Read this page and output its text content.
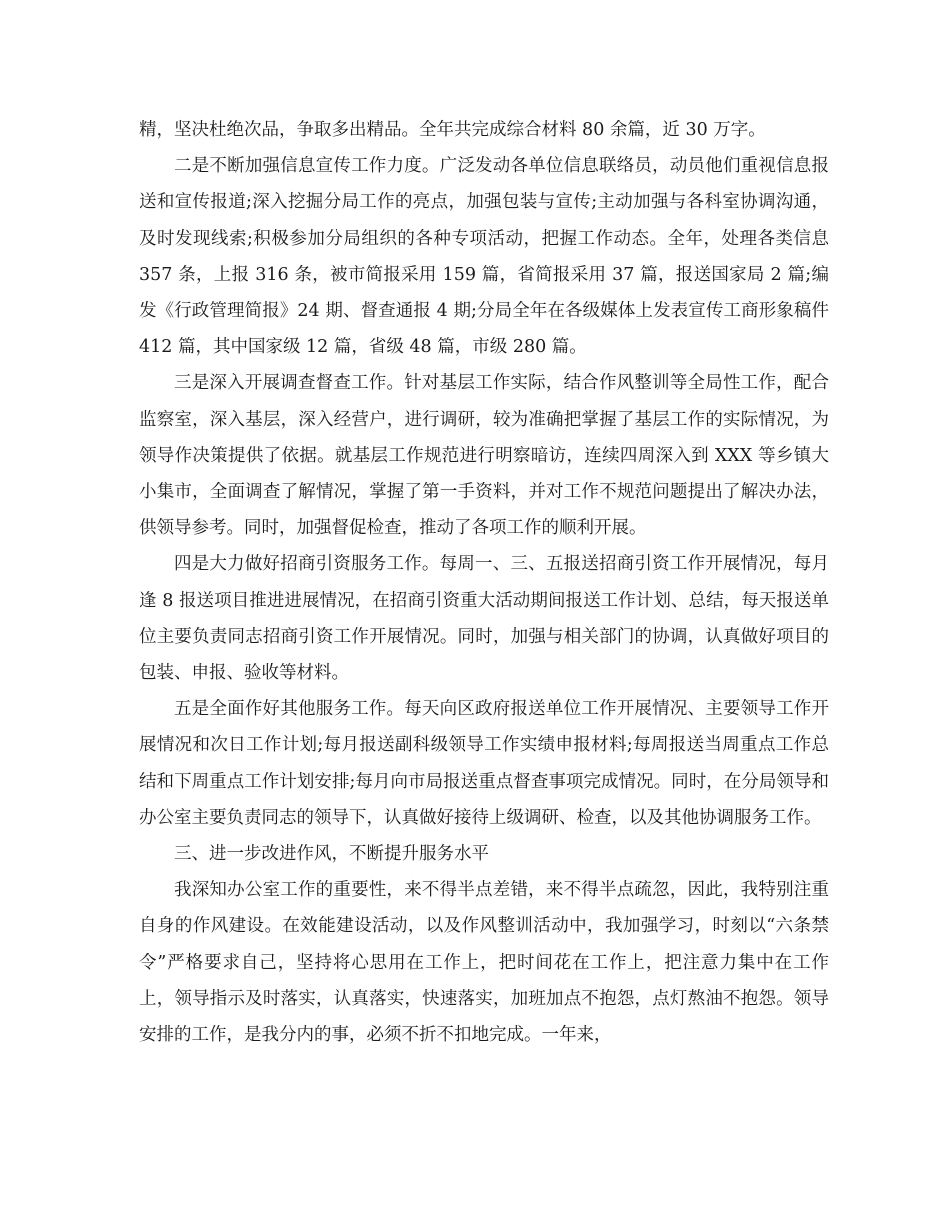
精，坚决杜绝次品，争取多出精品。全年共完成综合材料 80 余篇，近 30 万字。

二是不断加强信息宣传工作力度。广泛发动各单位信息联络员，动员他们重视信息报送和宣传报道;深入挖掘分局工作的亮点，加强包装与宣传;主动加强与各科室协调沟通，及时发现线索;积极参加分局组织的各种专项活动，把握工作动态。全年，处理各类信息 357 条，上报 316 条，被市简报采用 159 篇，省简报采用 37 篇，报送国家局 2 篇;编发《行政管理简报》24 期、督查通报 4 期;分局全年在各级媒体上发表宣传工商形象稿件 412 篇，其中国家级 12 篇，省级 48 篇，市级 280 篇。

三是深入开展调查督查工作。针对基层工作实际，结合作风整训等全局性工作，配合监察室，深入基层，深入经营户，进行调研，较为准确把掌握了基层工作的实际情况，为领导作决策提供了依据。就基层工作规范进行明察暗访，连续四周深入到 XXX 等乡镇大小集市，全面调查了解情况，掌握了第一手资料，并对工作不规范问题提出了解决办法，供领导参考。同时，加强督促检查，推动了各项工作的顺利开展。

四是大力做好招商引资服务工作。每周一、三、五报送招商引资工作开展情况，每月逢 8 报送项目推进进展情况，在招商引资重大活动期间报送工作计划、总结，每天报送单位主要负责同志招商引资工作开展情况。同时，加强与相关部门的协调，认真做好项目的包装、申报、验收等材料。

五是全面作好其他服务工作。每天向区政府报送单位工作开展情况、主要领导工作开展情况和次日工作计划;每月报送副科级领导工作实绩申报材料;每周报送当周重点工作总结和下周重点工作计划安排;每月向市局报送重点督查事项完成情况。同时，在分局领导和办公室主要负责同志的领导下，认真做好接待上级调研、检查，以及其他协调服务工作。

三、进一步改进作风，不断提升服务水平

我深知办公室工作的重要性，来不得半点差错，来不得半点疏忽，因此，我特别注重自身的作风建设。在效能建设活动，以及作风整训活动中，我加强学习，时刻以“六条禁令”严格要求自己，坚持将心思用在工作上，把时间花在工作上，把注意力集中在工作上，领导指示及时落实，认真落实，快速落实，加班加点不抱怨，点灯熬油不抱怨。领导安排的工作，是我分内的事，必须不折不扣地完成。一年来，
